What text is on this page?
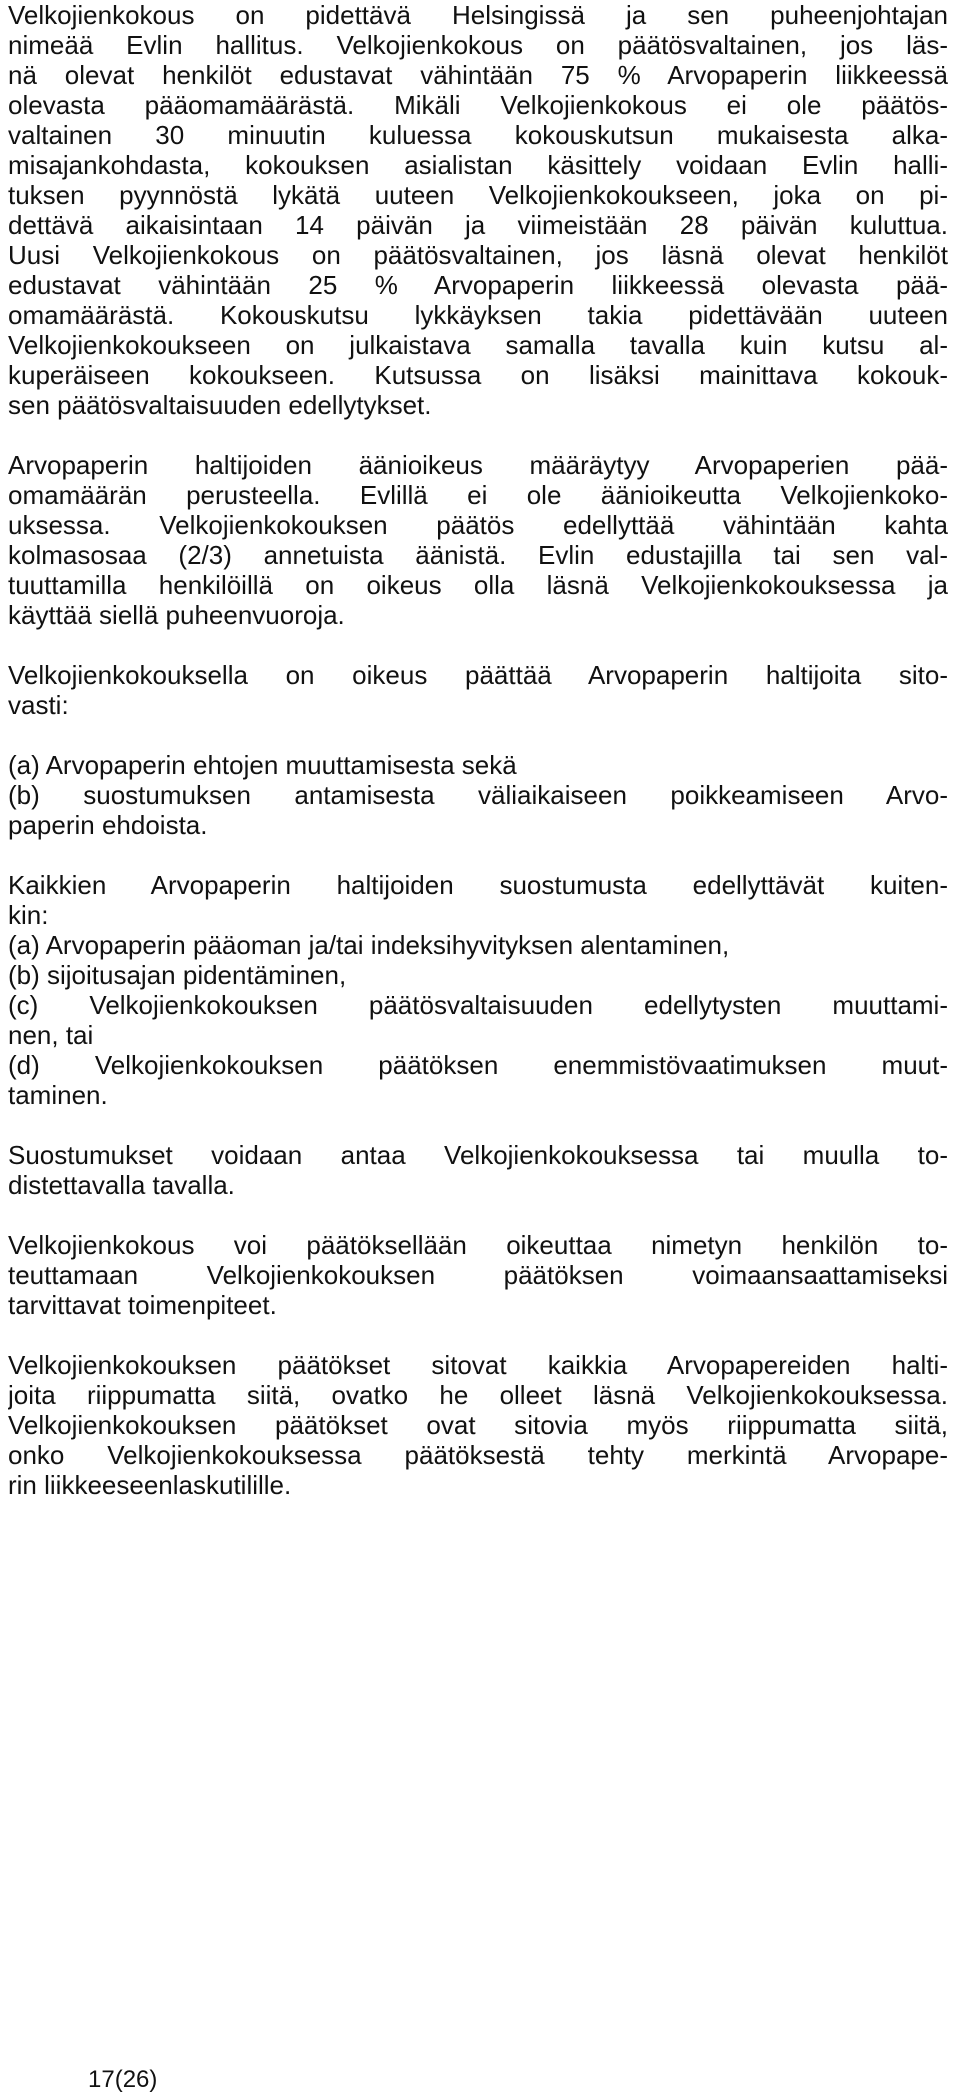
Velkojienkokous on pidettävä Helsingissä ja sen puheenjohtajan
nimeää Evlin hallitus. Velkojienkokous on päätösvaltainen, jos läs-
nä olevat henkilöt edustavat vähintään 75 % Arvopaperin liikkeessä
olevasta pääomamäärästä. Mikäli Velkojienkokous ei ole päätös-
valtainen 30 minuutin kuluessa kokouskutsun mukaisesta alka-
misajankohdasta, kokouksen asialistan käsittely voidaan Evlin halli-
tuksen pyynnöstä lykätä uuteen Velkojienkokoukseen, joka on pi-
dettävä aikaisintaan 14 päivän ja viimeistään 28 päivän kuluttua.
Uusi Velkojienkokous on päätösvaltainen, jos läsnä olevat henkilöt
edustavat vähintään 25 % Arvopaperin liikkeessä olevasta pää-
omamäärästä. Kokouskutsu lykkäyksen takia pidettävään uuteen
Velkojienkokoukseen on julkaistava samalla tavalla kuin kutsu al-
kuperäiseen kokoukseen. Kutsussa on lisäksi mainittava kokouk-
sen päätösvaltaisuuden edellytykset.
Arvopaperin haltijoiden äänioikeus määräytyy Arvopaperien pää-
omamäärän perusteella. Evlillä ei ole äänioikeutta Velkojienkoko-
uksessa. Velkojienkokouksen päätös edellyttää vähintään kahta
kolmasosaa (2/3) annetuista äänistä. Evlin edustajilla tai sen val-
tuuttamilla henkilöillä on oikeus olla läsnä Velkojienkokouksessa ja
käyttää siellä puheenvuoroja.
Velkojienkokouksella on oikeus päättää Arvopaperin haltijoita sito-
vasti:
(a) Arvopaperin ehtojen muuttamisesta sekä
(b) suostumuksen antamisesta väliaikaiseen poikkeamiseen Arvo-
paperin ehdoista.
Kaikkien Arvopaperin haltijoiden suostumusta edellyttävät kuiten-
kin:
(a) Arvopaperin pääoman ja/tai indeksihyvityksen alentaminen,
(b) sijoitusajan pidentäminen,
(c) Velkojienkokouksen päätösvaltaisuuden edellytysten muuttami-
nen, tai
(d) Velkojienkokouksen päätöksen enemmistövaatimuksen muut-
taminen.
Suostumukset voidaan antaa Velkojienkokouksessa tai muulla to-
distettavalla tavalla.
Velkojienkokous voi päätöksellään oikeuttaa nimetyn henkilön to-
teuttamaan Velkojienkokouksen päätöksen voimaansaattamiseksi
tarvittavat toimenpiteet.
Velkojienkokouksen päätökset sitovat kaikkia Arvopapereiden halti-
joita riippumatta siitä, ovatko he olleet läsnä Velkojienkokouksessa.
Velkojienkokouksen päätökset ovat sitovia myös riippumatta siitä,
onko Velkojienkokouksessa päätöksestä tehty merkintä Arvopape-
rin liikkeeseenlaskutilille.
17(26)
